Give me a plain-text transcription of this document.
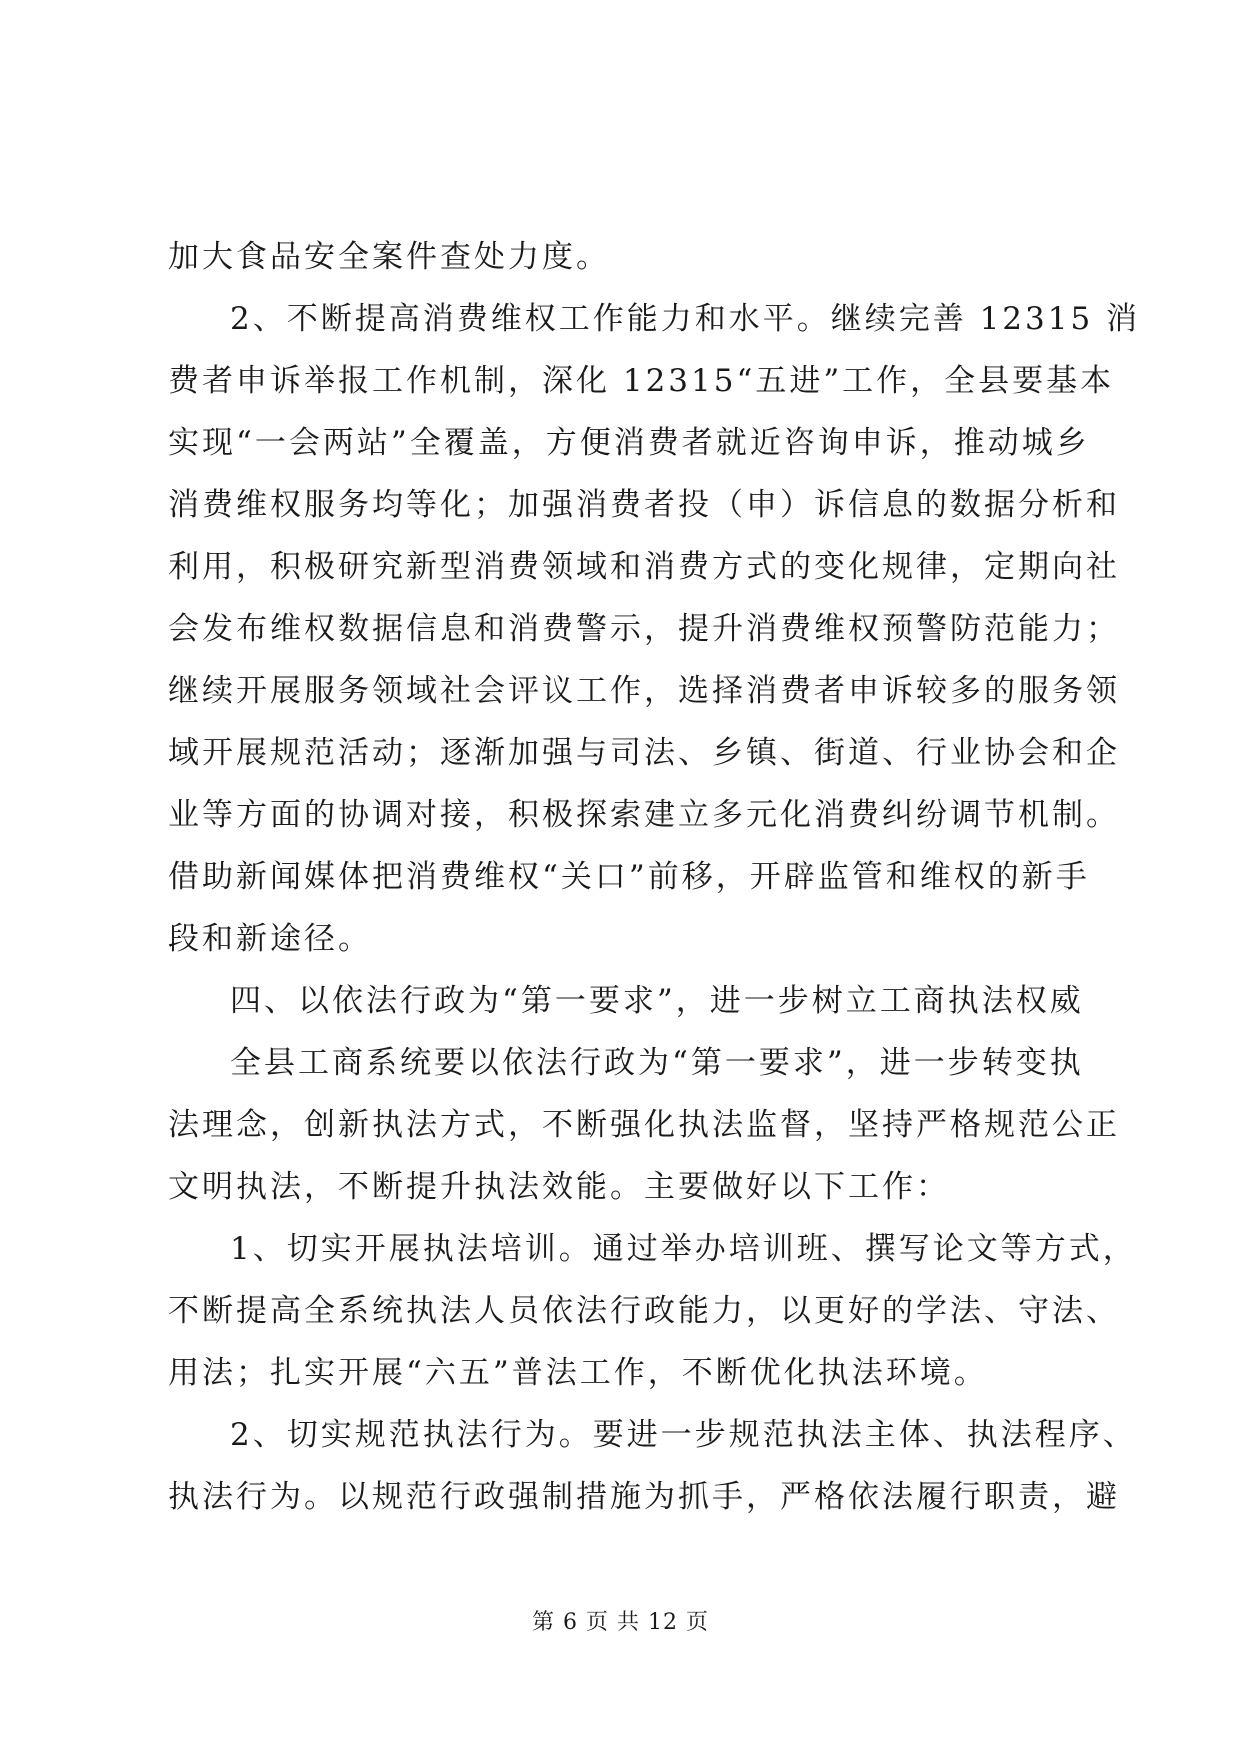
加大食品安全案件查处力度。
2、不断提高消费维权工作能力和水平。继续完善 12315 消
费者申诉举报工作机制，深化 12315“五进”工作，全县要基本
实现“一会两站”全覆盖，方便消费者就近咨询申诉，推动城乡
消费维权服务均等化；加强消费者投（申）诉信息的数据分析和
利用，积极研究新型消费领域和消费方式的变化规律，定期向社
会发布维权数据信息和消费警示，提升消费维权预警防范能力；
继续开展服务领域社会评议工作，选择消费者申诉较多的服务领
域开展规范活动；逐渐加强与司法、乡镇、街道、行业协会和企
业等方面的协调对接，积极探索建立多元化消费纠纷调节机制。
借助新闻媒体把消费维权“关口”前移，开辟监管和维权的新手
段和新途径。
四、以依法行政为“第一要求”，进一步树立工商执法权威
全县工商系统要以依法行政为“第一要求”，进一步转变执
法理念，创新执法方式，不断强化执法监督，坚持严格规范公正
文明执法，不断提升执法效能。主要做好以下工作：
1、切实开展执法培训。通过举办培训班、撰写论文等方式，
不断提高全系统执法人员依法行政能力，以更好的学法、守法、
用法；扎实开展“六五”普法工作，不断优化执法环境。
2、切实规范执法行为。要进一步规范执法主体、执法程序、
执法行为。以规范行政强制措施为抓手，严格依法履行职责，避
第 6 页 共 12 页
